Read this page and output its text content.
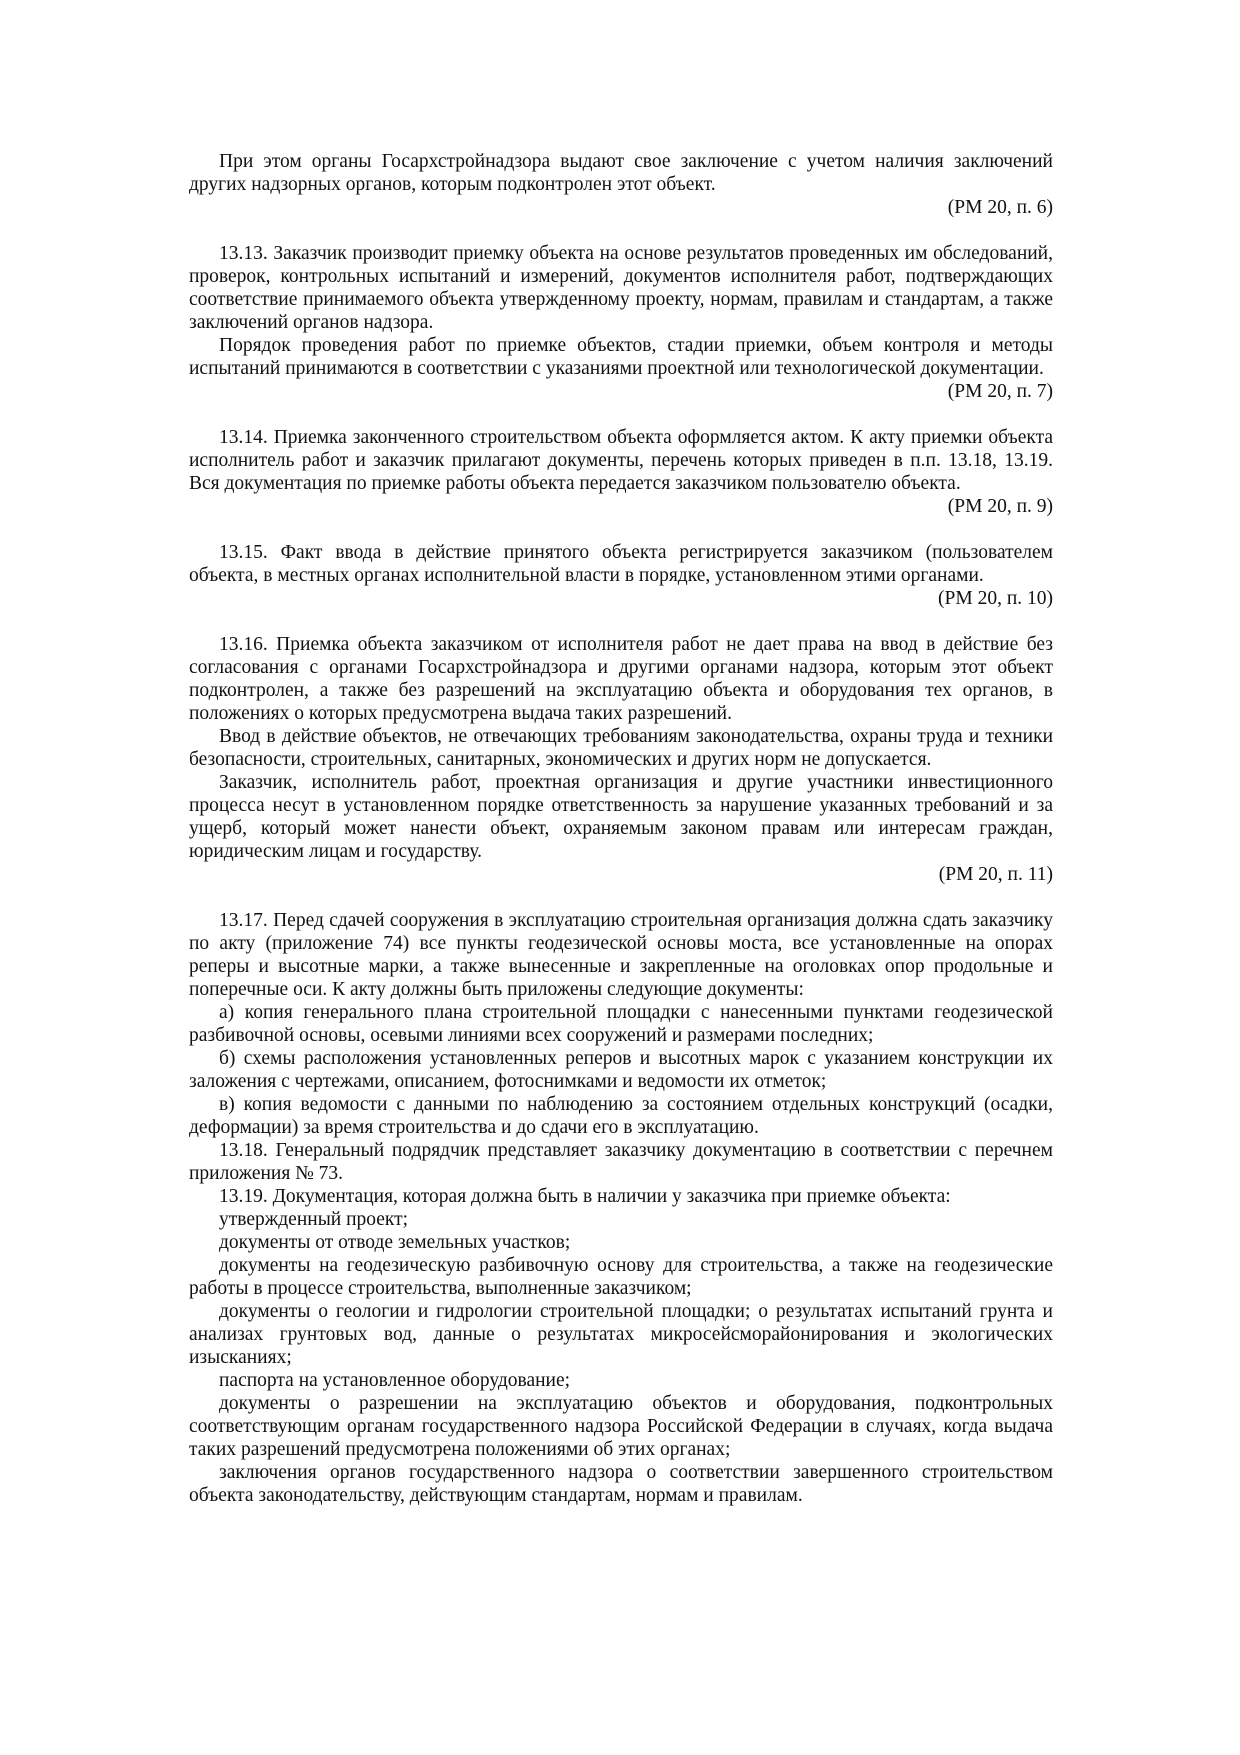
При этом органы Госархстройнадзора выдают свое заключение с учетом наличия заключений других надзорных органов, которым подконтролен этот объект.

(РМ 20, п. 6)

13.13. Заказчик производит приемку объекта на основе результатов проведенных им обследований, проверок, контрольных испытаний и измерений, документов исполнителя работ, подтверждающих соответствие принимаемого объекта утвержденному проекту, нормам, правилам и стандартам, а также заключений органов надзора.

Порядок проведения работ по приемке объектов, стадии приемки, объем контроля и методы испытаний принимаются в соответствии с указаниями проектной или технологической документации.

(РМ 20, п. 7)

13.14. Приемка законченного строительством объекта оформляется актом. К акту приемки объекта исполнитель работ и заказчик прилагают документы, перечень которых приведен в п.п. 13.18, 13.19. Вся документация по приемке работы объекта передается заказчиком пользователю объекта.

(РМ 20, п. 9)

13.15. Факт ввода в действие принятого объекта регистрируется заказчиком (пользователем объекта, в местных органах исполнительной власти в порядке, установленном этими органами.

(РМ 20, п. 10)

13.16. Приемка объекта заказчиком от исполнителя работ не дает права на ввод в действие без согласования с органами Госархстройнадзора и другими органами надзора, которым этот объект подконтролен, а также без разрешений на эксплуатацию объекта и оборудования тех органов, в положениях о которых предусмотрена выдача таких разрешений.

Ввод в действие объектов, не отвечающих требованиям законодательства, охраны труда и техники безопасности, строительных, санитарных, экономических и других норм не допускается.

Заказчик, исполнитель работ, проектная организация и другие участники инвестиционного процесса несут в установленном порядке ответственность за нарушение указанных требований и за ущерб, который может нанести объект, охраняемым законом правам или интересам граждан, юридическим лицам и государству.

(РМ 20, п. 11)

13.17. Перед сдачей сооружения в эксплуатацию строительная организация должна сдать заказчику по акту (приложение 74) все пункты геодезической основы моста, все установленные на опорах реперы и высотные марки, а также вынесенные и закрепленные на оголовках опор продольные и поперечные оси. К акту должны быть приложены следующие документы:

а) копия генерального плана строительной площадки с нанесенными пунктами геодезической разбивочной основы, осевыми линиями всех сооружений и размерами последних;

б) схемы расположения установленных реперов и высотных марок с указанием конструкции их заложения с чертежами, описанием, фотоснимками и ведомости их отметок;

в) копия ведомости с данными по наблюдению за состоянием отдельных конструкций (осадки, деформации) за время строительства и до сдачи его в эксплуатацию.

13.18. Генеральный подрядчик представляет заказчику документацию в соответствии с перечнем приложения № 73.

13.19. Документация, которая должна быть в наличии у заказчика при приемке объекта:

утвержденный проект;

документы от отводе земельных участков;

документы на геодезическую разбивочную основу для строительства, а также на геодезические работы в процессе строительства, выполненные заказчиком;

документы о геологии и гидрологии строительной площадки; о результатах испытаний грунта и анализах грунтовых вод, данные о результатах микросейсморайонирования и экологических изысканиях;

паспорта на установленное оборудование;

документы о разрешении на эксплуатацию объектов и оборудования, подконтрольных соответствующим органам государственного надзора Российской Федерации в случаях, когда выдача таких разрешений предусмотрена положениями об этих органах;

заключения органов государственного надзора о соответствии завершенного строительством объекта законодательству, действующим стандартам, нормам и правилам.
